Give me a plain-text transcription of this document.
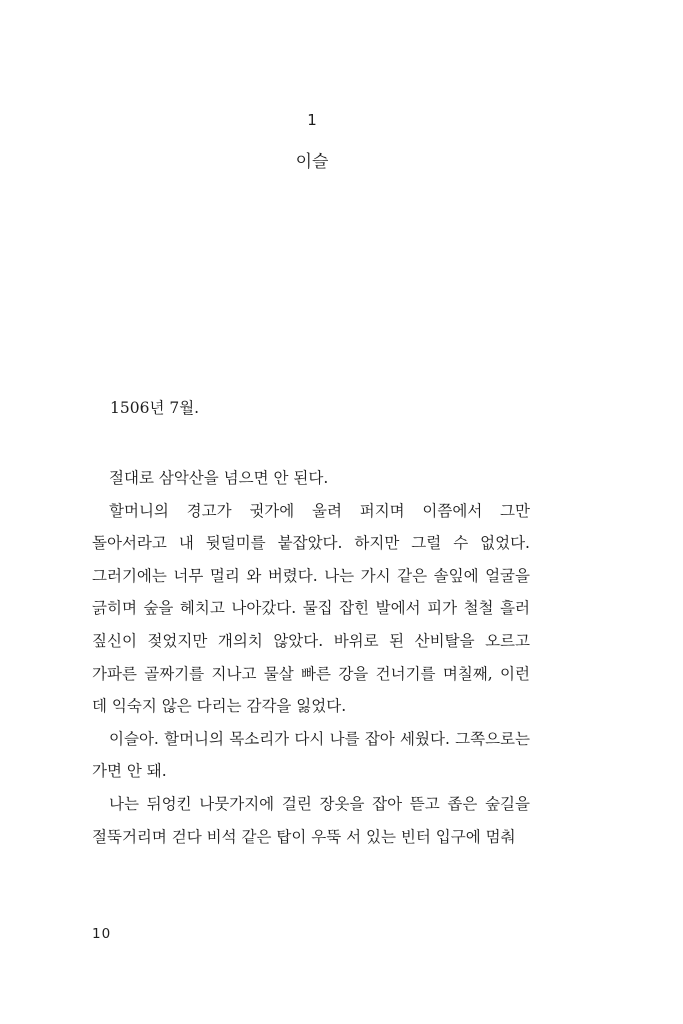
1
이슬
1506년 7월.

절대로 삼악산을 넘으면 안 된다.

할머니의 경고가 귓가에 울려 퍼지며 이쯤에서 그만 돌아서라고 내 뒷덜미를 붙잡았다. 하지만 그럴 수 없었다. 그러기에는 너무 멀리 와 버렸다. 나는 가시 같은 솔잎에 얼굴을 긁히며 숲을 헤치고 나아갔다. 물집 잡힌 발에서 피가 철철 흘러 짚신이 젖었지만 개의치 않았다. 바위로 된 산비탈을 오르고 가파른 골짜기를 지나고 물살 빠른 강을 건너기를 며칠째, 이런 데 익숙지 않은 다리는 감각을 잃었다.

이슬아. 할머니의 목소리가 다시 나를 잡아 세웠다. 그쪽으로는 가면 안 돼.

나는 뒤엉킨 나뭇가지에 걸린 장옷을 잡아 뜯고 좁은 숲길을 절뚝거리며 걷다 비석 같은 탑이 우뚝 서 있는 빈터 입구에 멈춰

10
